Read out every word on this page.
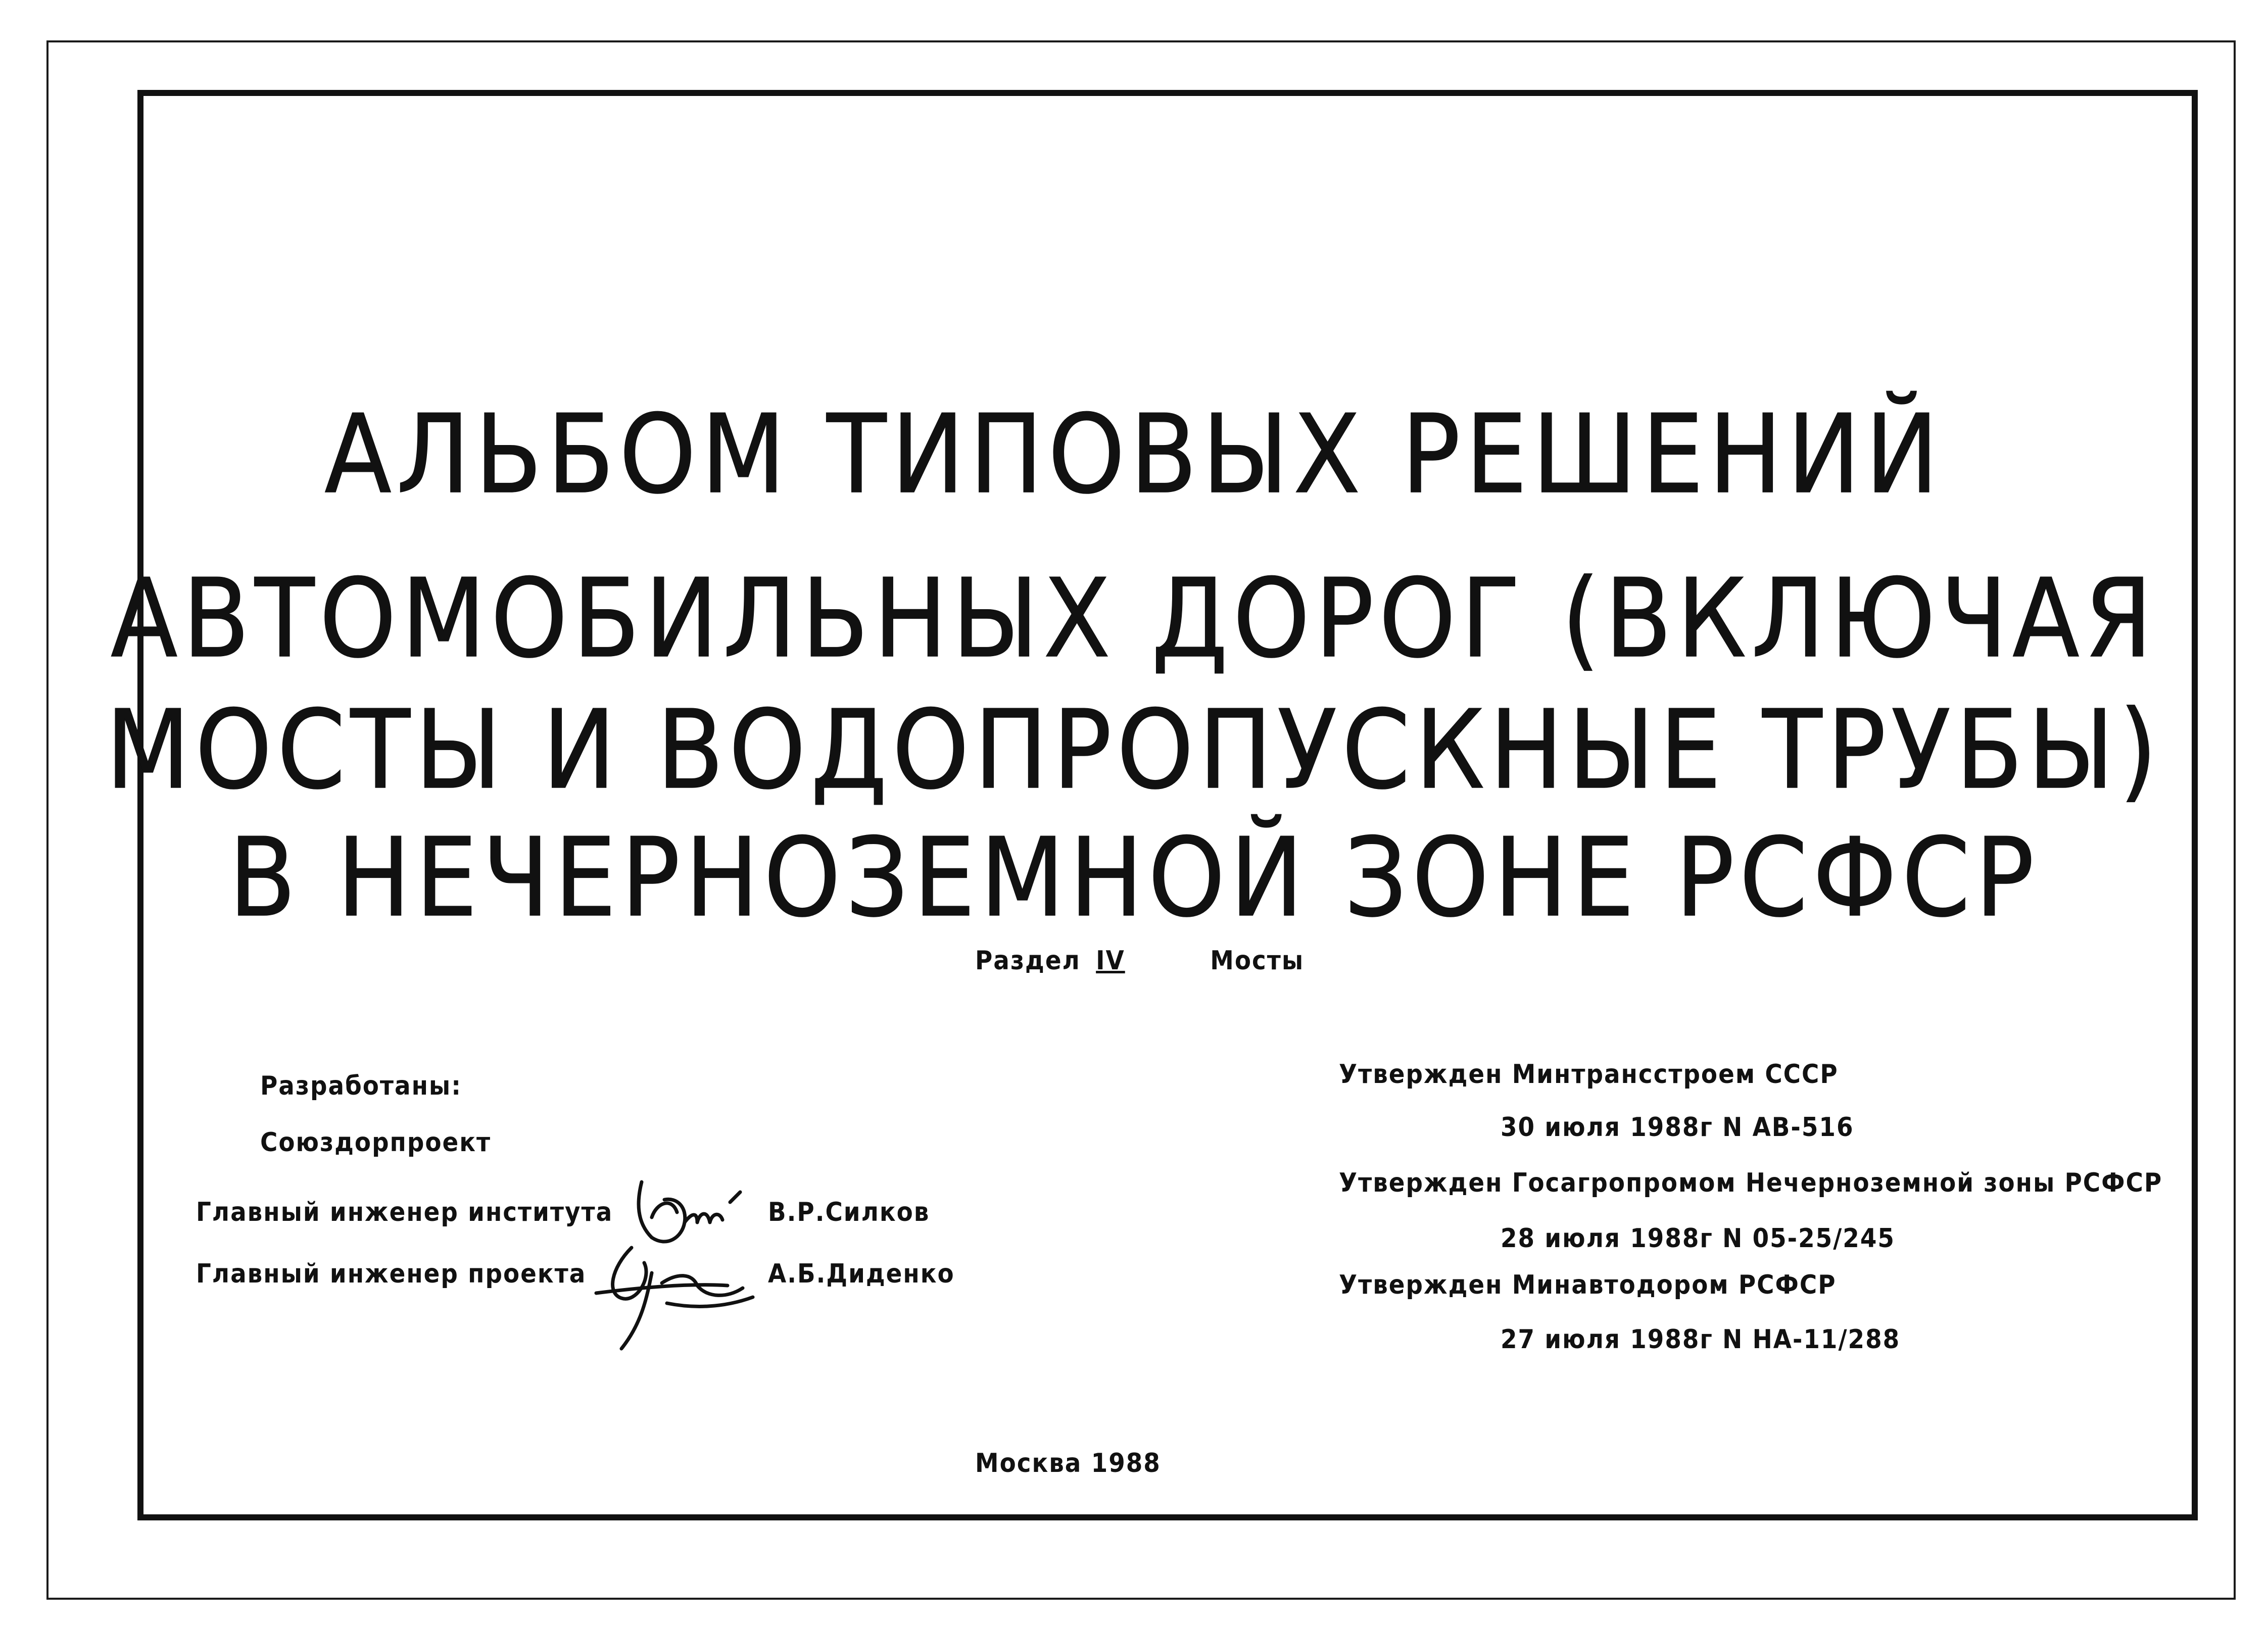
АЛЬБОМ ТИПОВЫХ РЕШЕНИЙ
АВТОМОБИЛЬНЫХ ДОРОГ (ВКЛЮЧАЯ
МОСТЫ И ВОДОПРОПУСКНЫЕ ТРУБЫ)
В НЕЧЕРНОЗЕМНОЙ ЗОНЕ РСФСР
Раздел IV	Мосты
Разработаны:
Союздорпроект
Главный инженер института	В.Р.Силков
Главный инженер проекта	А.Б.Диденко
Утвержден Минтрансстроем СССР
30 июля 1988г N АВ-516
Утвержден Госагропромом Нечерноземной зоны РСФСР
28 июля 1988г N 05-25/245
Утвержден Минавтодором РСФСР
27 июля 1988г N НА-11/288
Москва 1988
